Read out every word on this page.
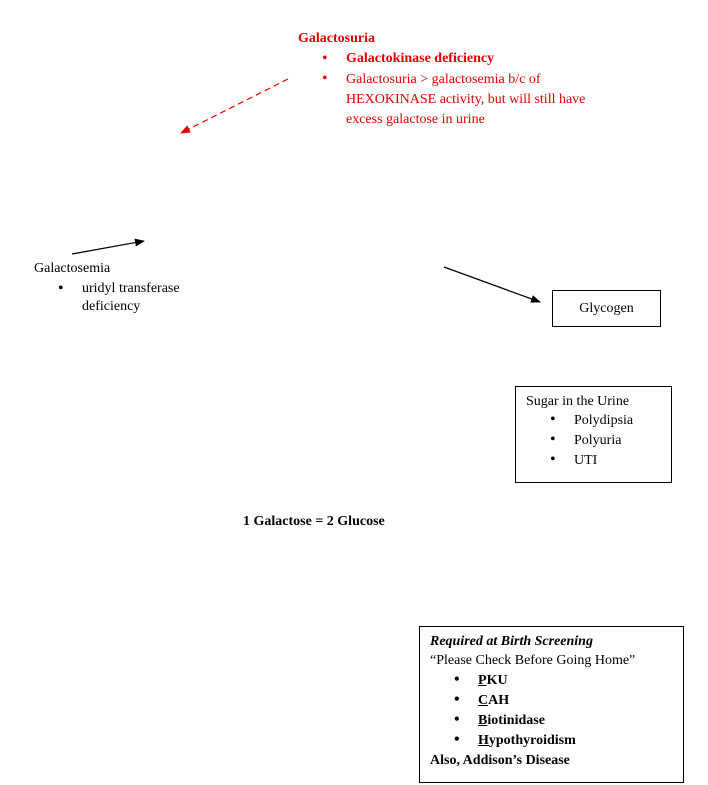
Galactosuria
• Galactokinase deficiency
• Galactosuria > galactosemia b/c of
HEXOKINASE activity, but will still have
excess galactose in urine
Galactosemia
• uridyl transferase
deficiency	Glycogen
Sugar in the Urine
• Polydipsia
• Polyuria
• UTI
1 Galactose = 2 Glucose
Required at Birth Screening
“Please Check Before Going Home”
• PKU
• CAH
• Biotinidase
• Hypothyroidism
Also, Addison’s Disease
